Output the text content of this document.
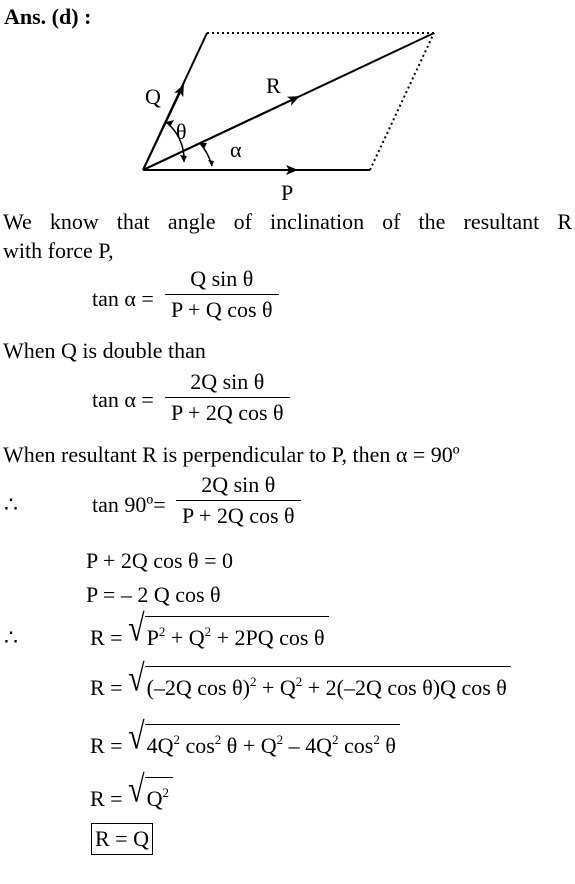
Ans. (d) :
Q	R
P
θ
α
We know that angle of inclination of the resultant R
with force P,
tan α =
Q sin θ
P + Q cos θ
When Q is double than
tan α =
2Q sin θ
P + 2Q cos θ
When resultant R is perpendicular to P, then α = 90º
∴	tan 90º=
2Q sin θ
P + 2Q cos θ
P + 2Q cos θ = 0
P = – 2 Q cos θ
∴	$R = √P^2 + Q^2 + 2PQ$ cos θ
R = √(–2Q $\cos \theta)^2 + Q^2 + 2(-2Q$ cos θ)Q cos θ
$R = √4Q^2$ $\cos^2 \theta + Q^2 - 4Q^2$ $\cos^2 \theta$
$R = √Q^2$
R = Q
